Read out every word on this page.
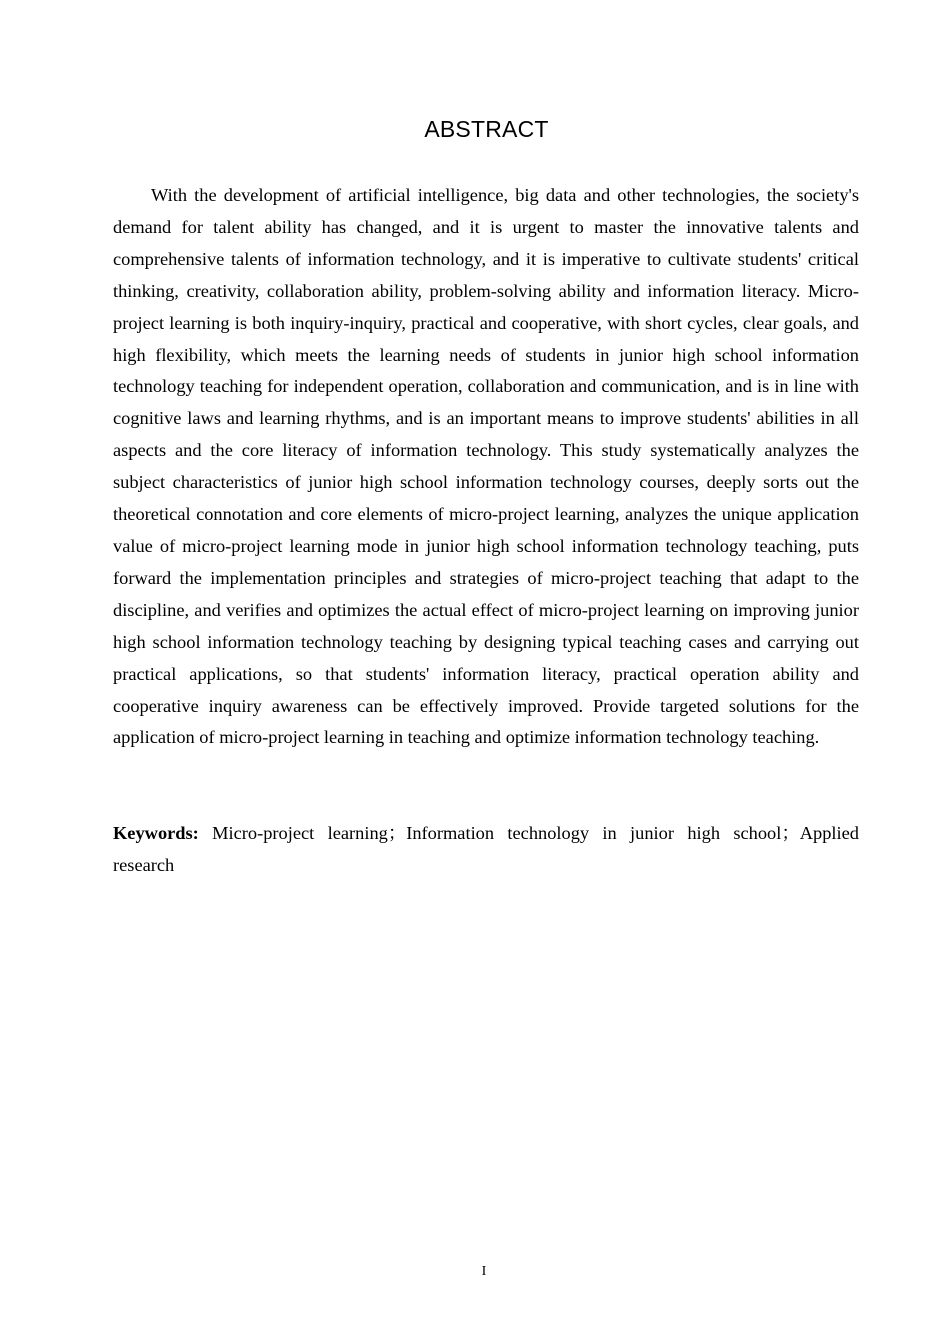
ABSTRACT

With the development of artificial intelligence, big data and other technologies, the society's demand for talent ability has changed, and it is urgent to master the innovative talents and comprehensive talents of information technology, and it is imperative to cultivate students' critical thinking, creativity, collaboration ability, problem-solving ability and information literacy. Micro-project learning is both inquiry-inquiry, practical and cooperative, with short cycles, clear goals, and high flexibility, which meets the learning needs of students in junior high school information technology teaching for independent operation, collaboration and communication, and is in line with cognitive laws and learning rhythms, and is an important means to improve students' abilities in all aspects and the core literacy of information technology. This study systematically analyzes the subject characteristics of junior high school information technology courses, deeply sorts out the theoretical connotation and core elements of micro-project learning, analyzes the unique application value of micro-project learning mode in junior high school information technology teaching, puts forward the implementation principles and strategies of micro-project teaching that adapt to the discipline, and verifies and optimizes the actual effect of micro-project learning on improving junior high school information technology teaching by designing typical teaching cases and carrying out practical applications, so that students' information literacy, practical operation ability and cooperative inquiry awareness can be effectively improved. Provide targeted solutions for the application of micro-project learning in teaching and optimize information technology teaching.

Keywords: Micro-project learning；Information technology in junior high school；Applied research

I
